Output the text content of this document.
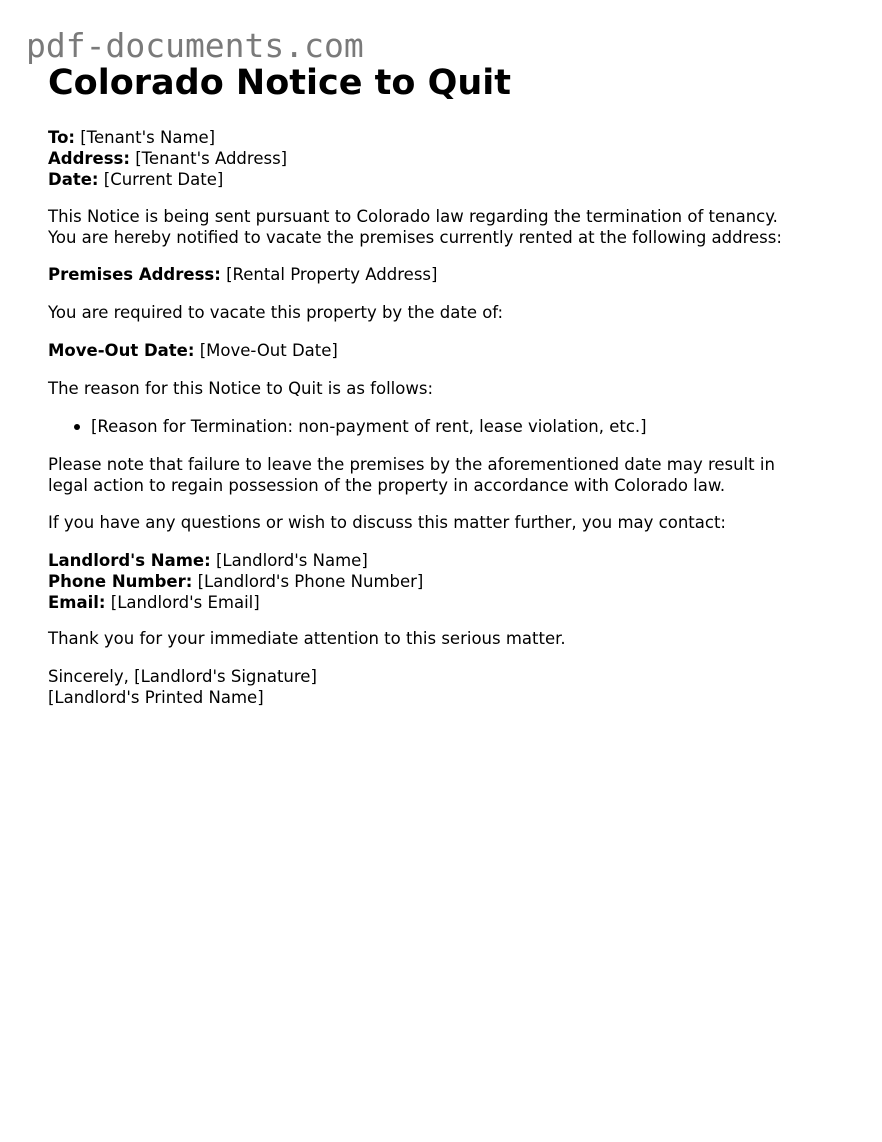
pdf-documents.com
Colorado Notice to Quit
To: [Tenant's Name]
Address: [Tenant's Address]
Date: [Current Date]
This Notice is being sent pursuant to Colorado law regarding the termination of tenancy.
You are hereby notified to vacate the premises currently rented at the following address:
Premises Address: [Rental Property Address]
You are required to vacate this property by the date of:
Move-Out Date: [Move-Out Date]
The reason for this Notice to Quit is as follows:
[Reason for Termination: non-payment of rent, lease violation, etc.]
Please note that failure to leave the premises by the aforementioned date may result in
legal action to regain possession of the property in accordance with Colorado law.
If you have any questions or wish to discuss this matter further, you may contact:
Landlord's Name: [Landlord's Name]
Phone Number: [Landlord's Phone Number]
Email: [Landlord's Email]
Thank you for your immediate attention to this serious matter.
Sincerely, [Landlord's Signature]
[Landlord's Printed Name]
